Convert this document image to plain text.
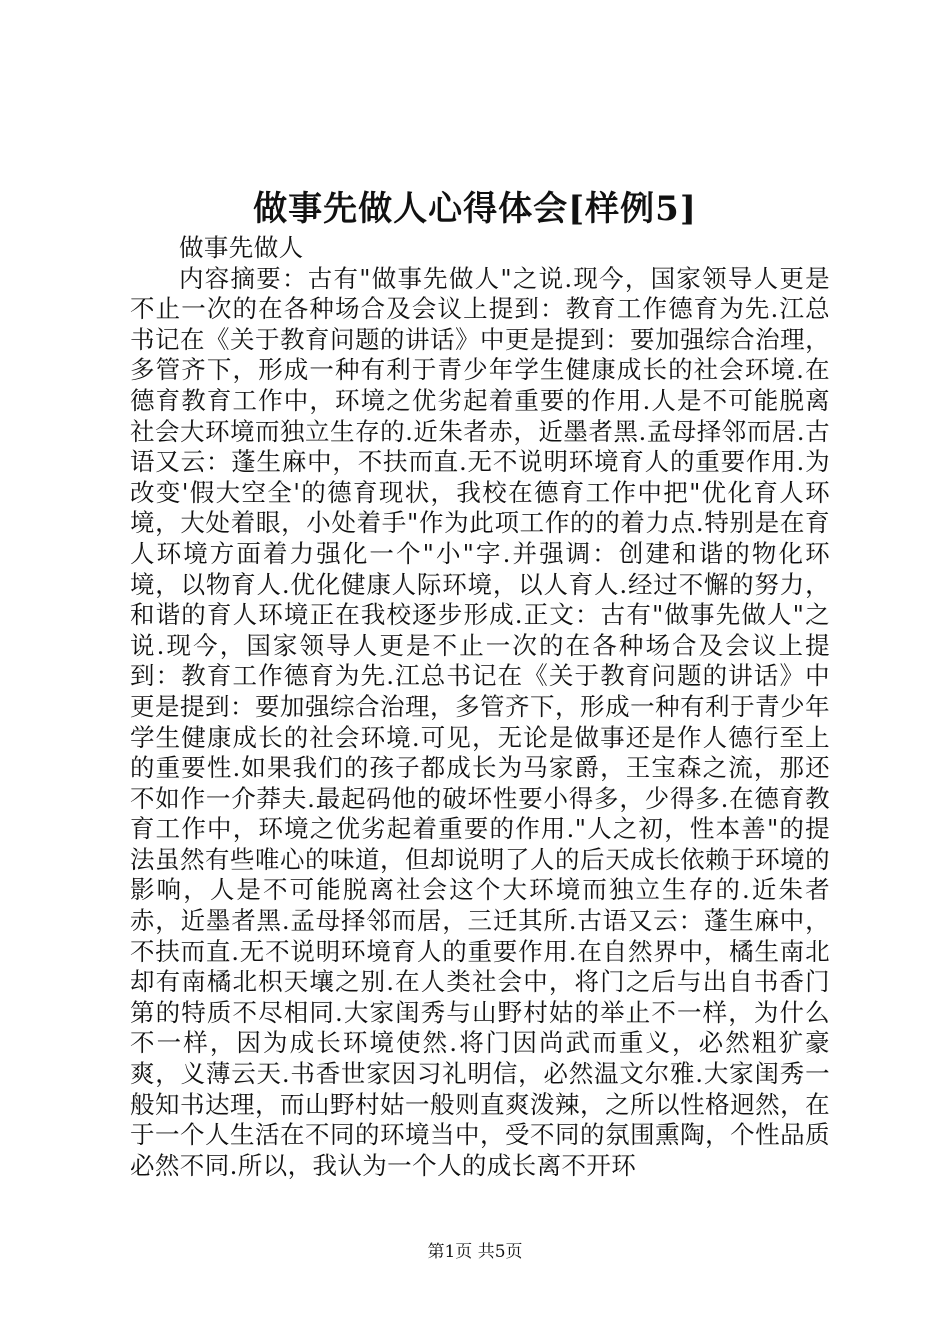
做事先做人心得体会[样例5]

做事先做人

内容摘要：古有"做事先做人"之说.现今，国家领导人更是不止一次的在各种场合及会议上提到：教育工作德育为先.江总书记在《关于教育问题的讲话》中更是提到：要加强综合治理，多管齐下，形成一种有利于青少年学生健康成长的社会环境.在德育教育工作中，环境之优劣起着重要的作用.人是不可能脱离社会大环境而独立生存的.近朱者赤，近墨者黑.孟母择邻而居.古语又云：蓬生麻中，不扶而直.无不说明环境育人的重要作用.为改变'假大空全'的德育现状，我校在德育工作中把"优化育人环境，大处着眼，小处着手"作为此项工作的的着力点.特别是在育人环境方面着力强化一个"小"字.并强调：创建和谐的物化环境，以物育人.优化健康人际环境，以人育人.经过不懈的努力，和谐的育人环境正在我校逐步形成.正文：古有"做事先做人"之说.现今，国家领导人更是不止一次的在各种场合及会议上提到：教育工作德育为先.江总书记在《关于教育问题的讲话》中更是提到：要加强综合治理，多管齐下，形成一种有利于青少年学生健康成长的社会环境.可见，无论是做事还是作人德行至上的重要性.如果我们的孩子都成长为马家爵，王宝森之流，那还不如作一介莽夫.最起码他的破坏性要小得多，少得多.在德育教育工作中，环境之优劣起着重要的作用."人之初，性本善"的提法虽然有些唯心的味道，但却说明了人的后天成长依赖于环境的影响，人是不可能脱离社会这个大环境而独立生存的.近朱者赤，近墨者黑.孟母择邻而居，三迁其所.古语又云：蓬生麻中，不扶而直.无不说明环境育人的重要作用.在自然界中，橘生南北却有南橘北枳天壤之别.在人类社会中，将门之后与出自书香门第的特质不尽相同.大家闺秀与山野村姑的举止不一样，为什么不一样，因为成长环境使然.将门因尚武而重义，必然粗犷豪爽，义薄云天.书香世家因习礼明信，必然温文尔雅.大家闺秀一般知书达理，而山野村姑一般则直爽泼辣，之所以性格迥然，在于一个人生活在不同的环境当中，受不同的氛围熏陶，个性品质必然不同.所以，我认为一个人的成长离不开环

第1页 共5页
